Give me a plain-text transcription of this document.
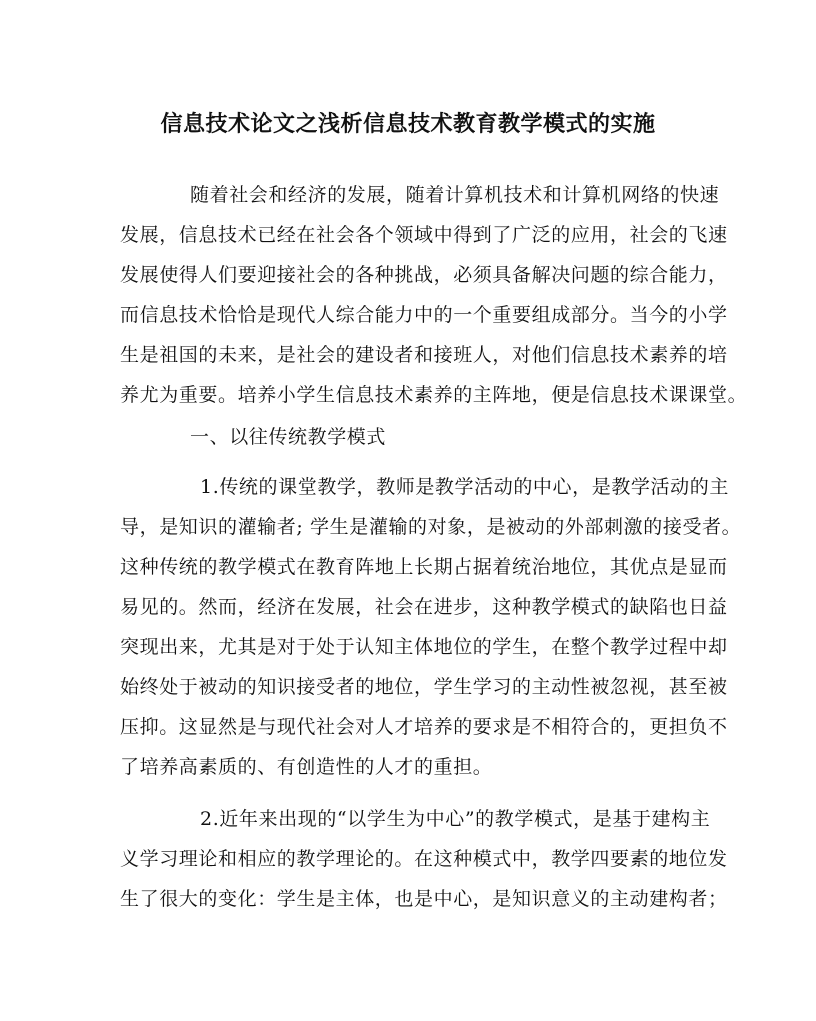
信息技术论文之浅析信息技术教育教学模式的实施
随着社会和经济的发展，随着计算机技术和计算机网络的快速
发展，信息技术已经在社会各个领域中得到了广泛的应用，社会的飞速
发展使得人们要迎接社会的各种挑战，必须具备解决问题的综合能力，
而信息技术恰恰是现代人综合能力中的一个重要组成部分。当今的小学
生是祖国的未来，是社会的建设者和接班人，对他们信息技术素养的培
养尤为重要。培养小学生信息技术素养的主阵地，便是信息技术课课堂。
一、以往传统教学模式
1.传统的课堂教学，教师是教学活动的中心，是教学活动的主
导，是知识的灌输者; 学生是灌输的对象，是被动的外部刺激的接受者。
这种传统的教学模式在教育阵地上长期占据着统治地位，其优点是显而
易见的。然而，经济在发展，社会在进步，这种教学模式的缺陷也日益
突现出来，尤其是对于处于认知主体地位的学生，在整个教学过程中却
始终处于被动的知识接受者的地位，学生学习的主动性被忽视，甚至被
压抑。这显然是与现代社会对人才培养的要求是不相符合的，更担负不
了培养高素质的、有创造性的人才的重担。
2.近年来出现的“以学生为中心”的教学模式，是基于建构主
义学习理论和相应的教学理论的。在这种模式中，教学四要素的地位发
生了很大的变化：学生是主体，也是中心，是知识意义的主动建构者；
